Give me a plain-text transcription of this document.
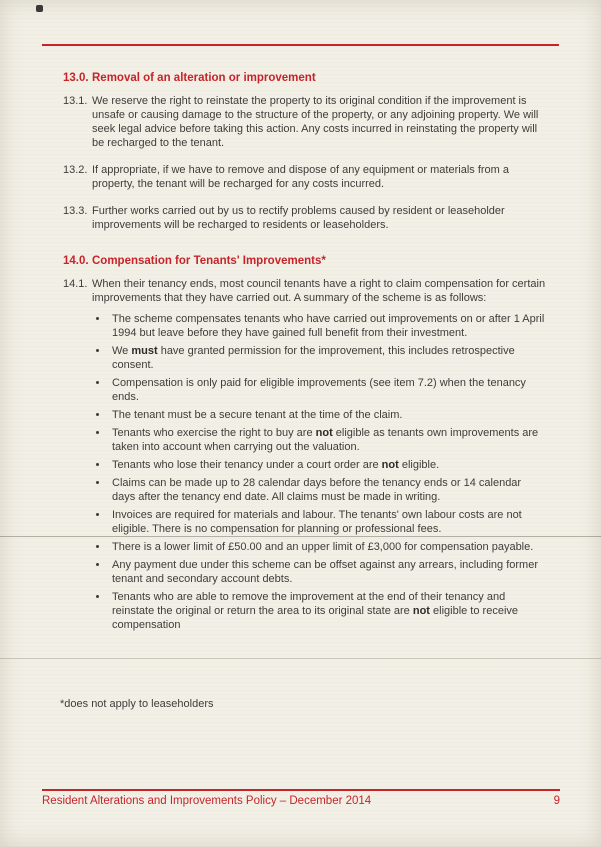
13.0. Removal of an alteration or improvement
13.1. We reserve the right to reinstate the property to its original condition if the improvement is unsafe or causing damage to the structure of the property, or any adjoining property. We will seek legal advice before taking this action. Any costs incurred in reinstating the property will be recharged to the tenant.

13.2. If appropriate, if we have to remove and dispose of any equipment or materials from a property, the tenant will be recharged for any costs incurred.

13.3. Further works carried out by us to rectify problems caused by resident or leaseholder improvements will be recharged to residents or leaseholders.

14.0. Compensation for Tenants' Improvements*
14.1. When their tenancy ends, most council tenants have a right to claim compensation for certain improvements that they have carried out. A summary of the scheme is as follows:

• The scheme compensates tenants who have carried out improvements on or after 1 April 1994 but leave before they have gained full benefit from their investment.
• We must have granted permission for the improvement, this includes retrospective consent.
• Compensation is only paid for eligible improvements (see item 7.2) when the tenancy ends.
• The tenant must be a secure tenant at the time of the claim.
• Tenants who exercise the right to buy are not eligible as tenants own improvements are taken into account when carrying out the valuation.
• Tenants who lose their tenancy under a court order are not eligible.
• Claims can be made up to 28 calendar days before the tenancy ends or 14 calendar days after the tenancy end date. All claims must be made in writing.
• Invoices are required for materials and labour. The tenants' own labour costs are not eligible. There is no compensation for planning or professional fees.
• There is a lower limit of £50.00 and an upper limit of £3,000 for compensation payable.
• Any payment due under this scheme can be offset against any arrears, including former tenant and secondary account debts.
• Tenants who are able to remove the improvement at the end of their tenancy and reinstate the original or return the area to its original state are not eligible to receive compensation

*does not apply to leaseholders

Resident Alterations and Improvements Policy – December 2014	9
